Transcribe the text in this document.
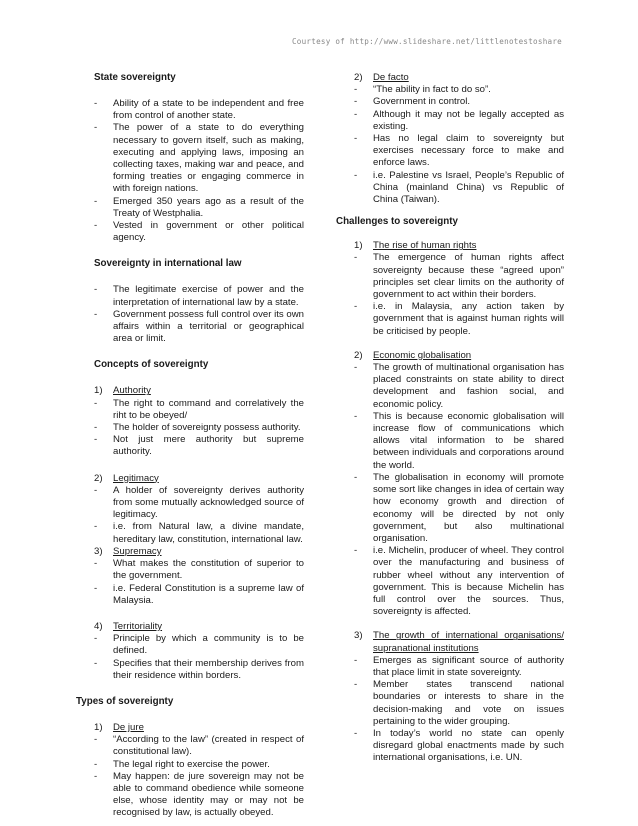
Courtesy of http://www.slideshare.net/littlenotestoshare
State sovereignty
-	Ability of a state to be independent and free from control of another state.
-	The power of a state to do everything necessary to govern itself, such as making, executing and applying laws, imposing an collecting taxes, making war and peace, and forming treaties or engaging commerce in with foreign nations.
-	Emerged 350 years ago as a result of the Treaty of Westphalia.
-	Vested in government or other political agency.
Sovereignty in international law
-	The legitimate exercise of power and the interpretation of international law by a state.
-	Government possess full control over its own affairs within a territorial or geographical area or limit.
Concepts of sovereignty
1)	Authority
-	The right to command and correlatively the riht to be obeyed/
-	The holder of sovereignty possess authority.
-	Not just mere authority but supreme authority.
2)	Legitimacy
-	A holder of sovereignty derives authority from some mutually acknowledged source of legitimacy.
-	i.e. from Natural law, a divine mandate, hereditary law, constitution, international law.
3)	Supremacy
-	What makes the constitution of superior to the government.
-	i.e. Federal Constitution is a supreme law of Malaysia.
4)	Territoriality
-	Principle by which a community is to be defined.
-	Specifies that their membership derives from their residence within borders.
Types of sovereignty
1)	De jure
-	“According to the law” (created in respect of constitutional law).
-	The legal right to exercise the power.
-	May happen: de jure sovereign may not be able to command obedience while someone else, whose identity may or may not be recognised by law, is actually obeyed.
2)	De facto
-	“The ability in fact to do so”.
-	Government in control.
-	Although it may not be legally accepted as existing.
-	Has no legal claim to sovereignty but exercises necessary force to make and enforce laws.
-	i.e. Palestine vs Israel, People’s Republic of China (mainland China) vs Republic of China (Taiwan).
Challenges to sovereignty
1)	The rise of human rights
-	The emergence of human rights affect sovereignty because these “agreed upon” principles set clear limits on the authority of government to act within their borders.
-	i.e. in Malaysia, any action taken by government that is against human rights will be criticised by people.
2)	Economic globalisation
-	The growth of multinational organisation has placed constraints on state ability to direct development and fashion social, and economic policy.
-	This is because economic globalisation will increase flow of communications which allows vital information to be shared between individuals and corporations around the world.
-	The globalisation in economy will promote some sort like changes in idea of certain way how economy growth and direction of economy will be directed by not only government, but also multinational organisation.
-	i.e. Michelin, producer of wheel. They control over the manufacturing and business of rubber wheel without any intervention of government. This is because Michelin has full control over the sources. Thus, sovereignty is affected.
3)	The growth of international organisations/ supranational institutions
-	Emerges as significant source of authority that place limit in state sovereignty.
-	Member states transcend national boundaries or interests to share in the decision-making and vote on issues pertaining to the wider grouping.
-	In today’s world no state can openly disregard global enactments made by such international organisations, i.e. UN.
